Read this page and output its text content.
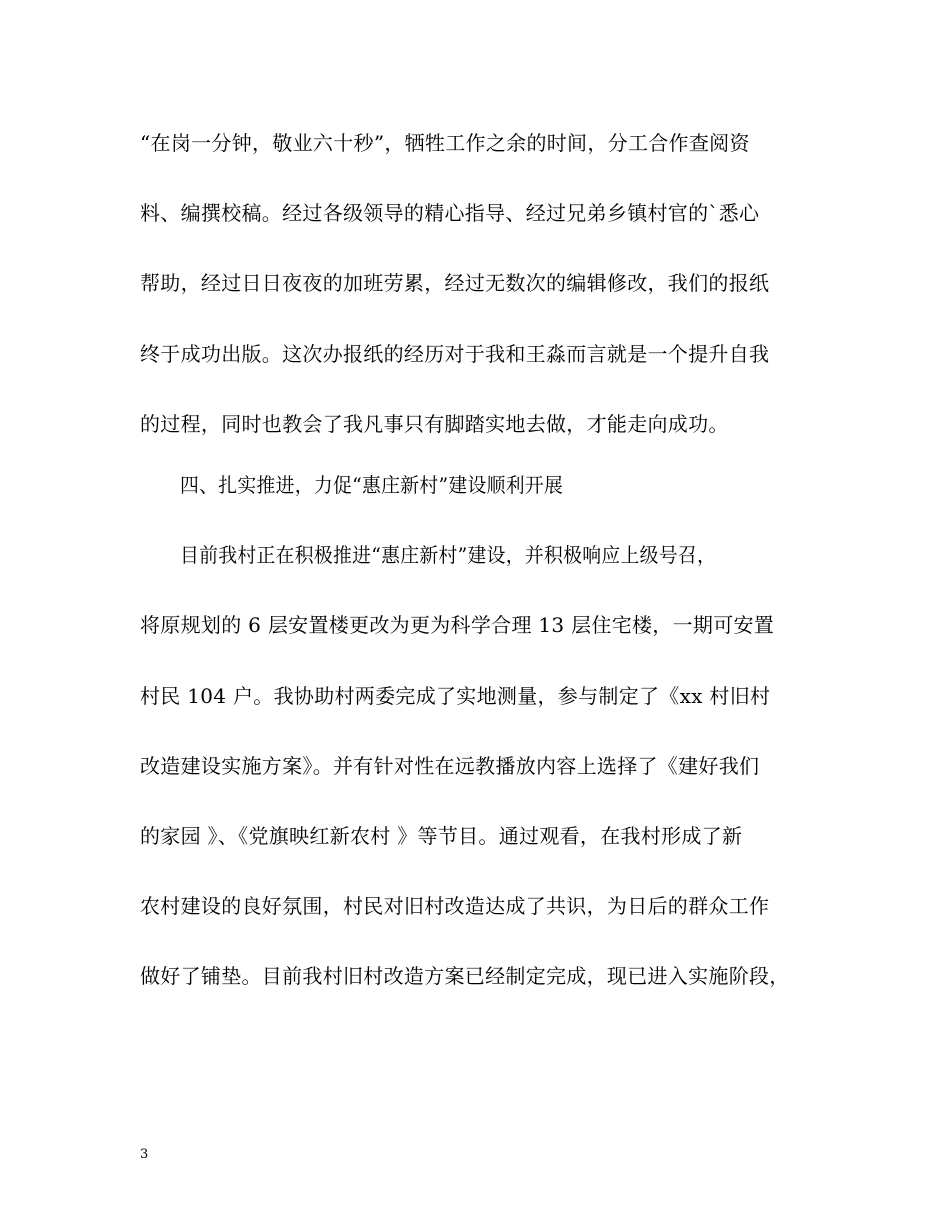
“在岗一分钟，敬业六十秒”，牺牲工作之余的时间，分工合作查阅资
料、编撰校稿。经过各级领导的精心指导、经过兄弟乡镇村官的`悉心
帮助，经过日日夜夜的加班劳累，经过无数次的编辑修改，我们的报纸
终于成功出版。这次办报纸的经历对于我和王淼而言就是一个提升自我
的过程，同时也教会了我凡事只有脚踏实地去做，才能走向成功。
四、扎实推进，力促“惠庄新村”建设顺利开展
目前我村正在积极推进“惠庄新村”建设，并积极响应上级号召，
将原规划的 6 层安置楼更改为更为科学合理 13 层住宅楼，一期可安置
村民 104 户。我协助村两委完成了实地测量，参与制定了《xx 村旧村
改造建设实施方案》。并有针对性在远教播放内容上选择了《建好我们
的家园 》、《党旗映红新农村 》等节目。通过观看，在我村形成了新
农村建设的良好氛围，村民对旧村改造达成了共识，为日后的群众工作
做好了铺垫。目前我村旧村改造方案已经制定完成，现已进入实施阶段，
3
